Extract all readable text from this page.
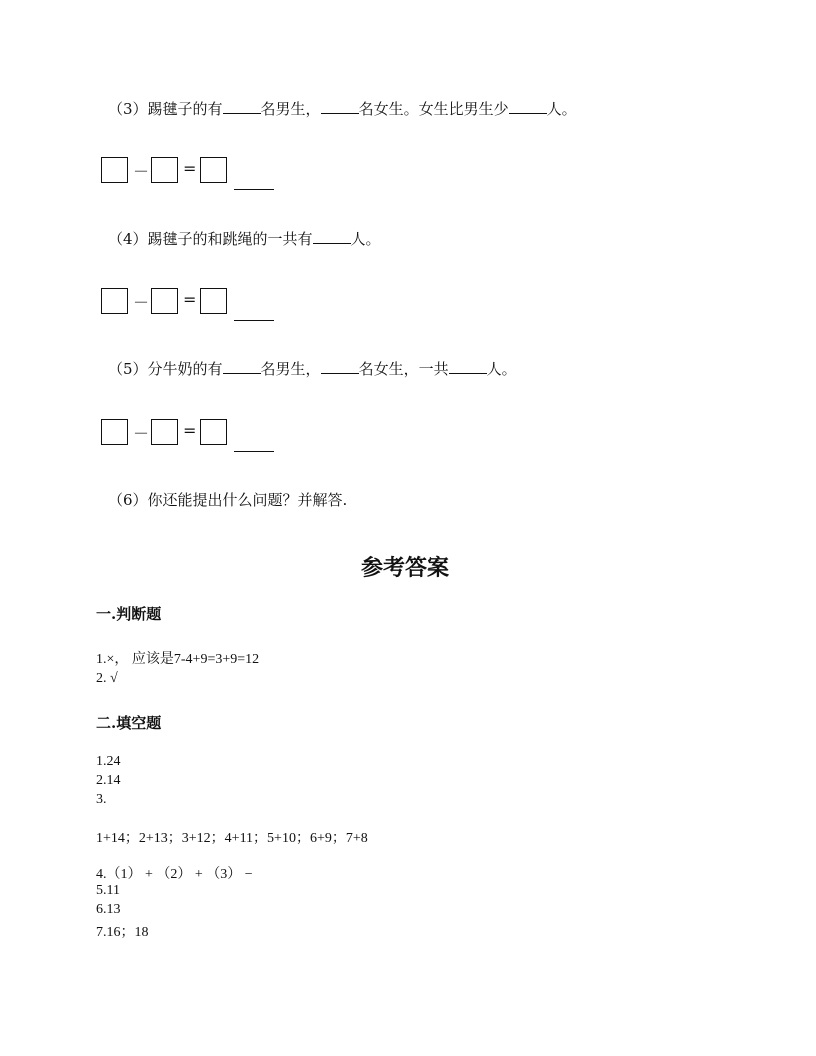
（3）踢毽子的有	名男生，	名女生。女生比男生少	人。
－ =
（4）踢毽子的和跳绳的一共有	人。
－ =
（5）分牛奶的有	名男生，	名女生，一共	人。
－ =
（6）你还能提出什么问题？并解答.
参考答案
一.判断题
1.×， 应该是7-4+9=3+9=12
2. √
二.填空题
1.24
2.14
3.
1+14；2+13；3+12；4+11；5+10；6+9；7+8
4.（1） + （2） + （3） −
5.11
6.13
7.16；18
